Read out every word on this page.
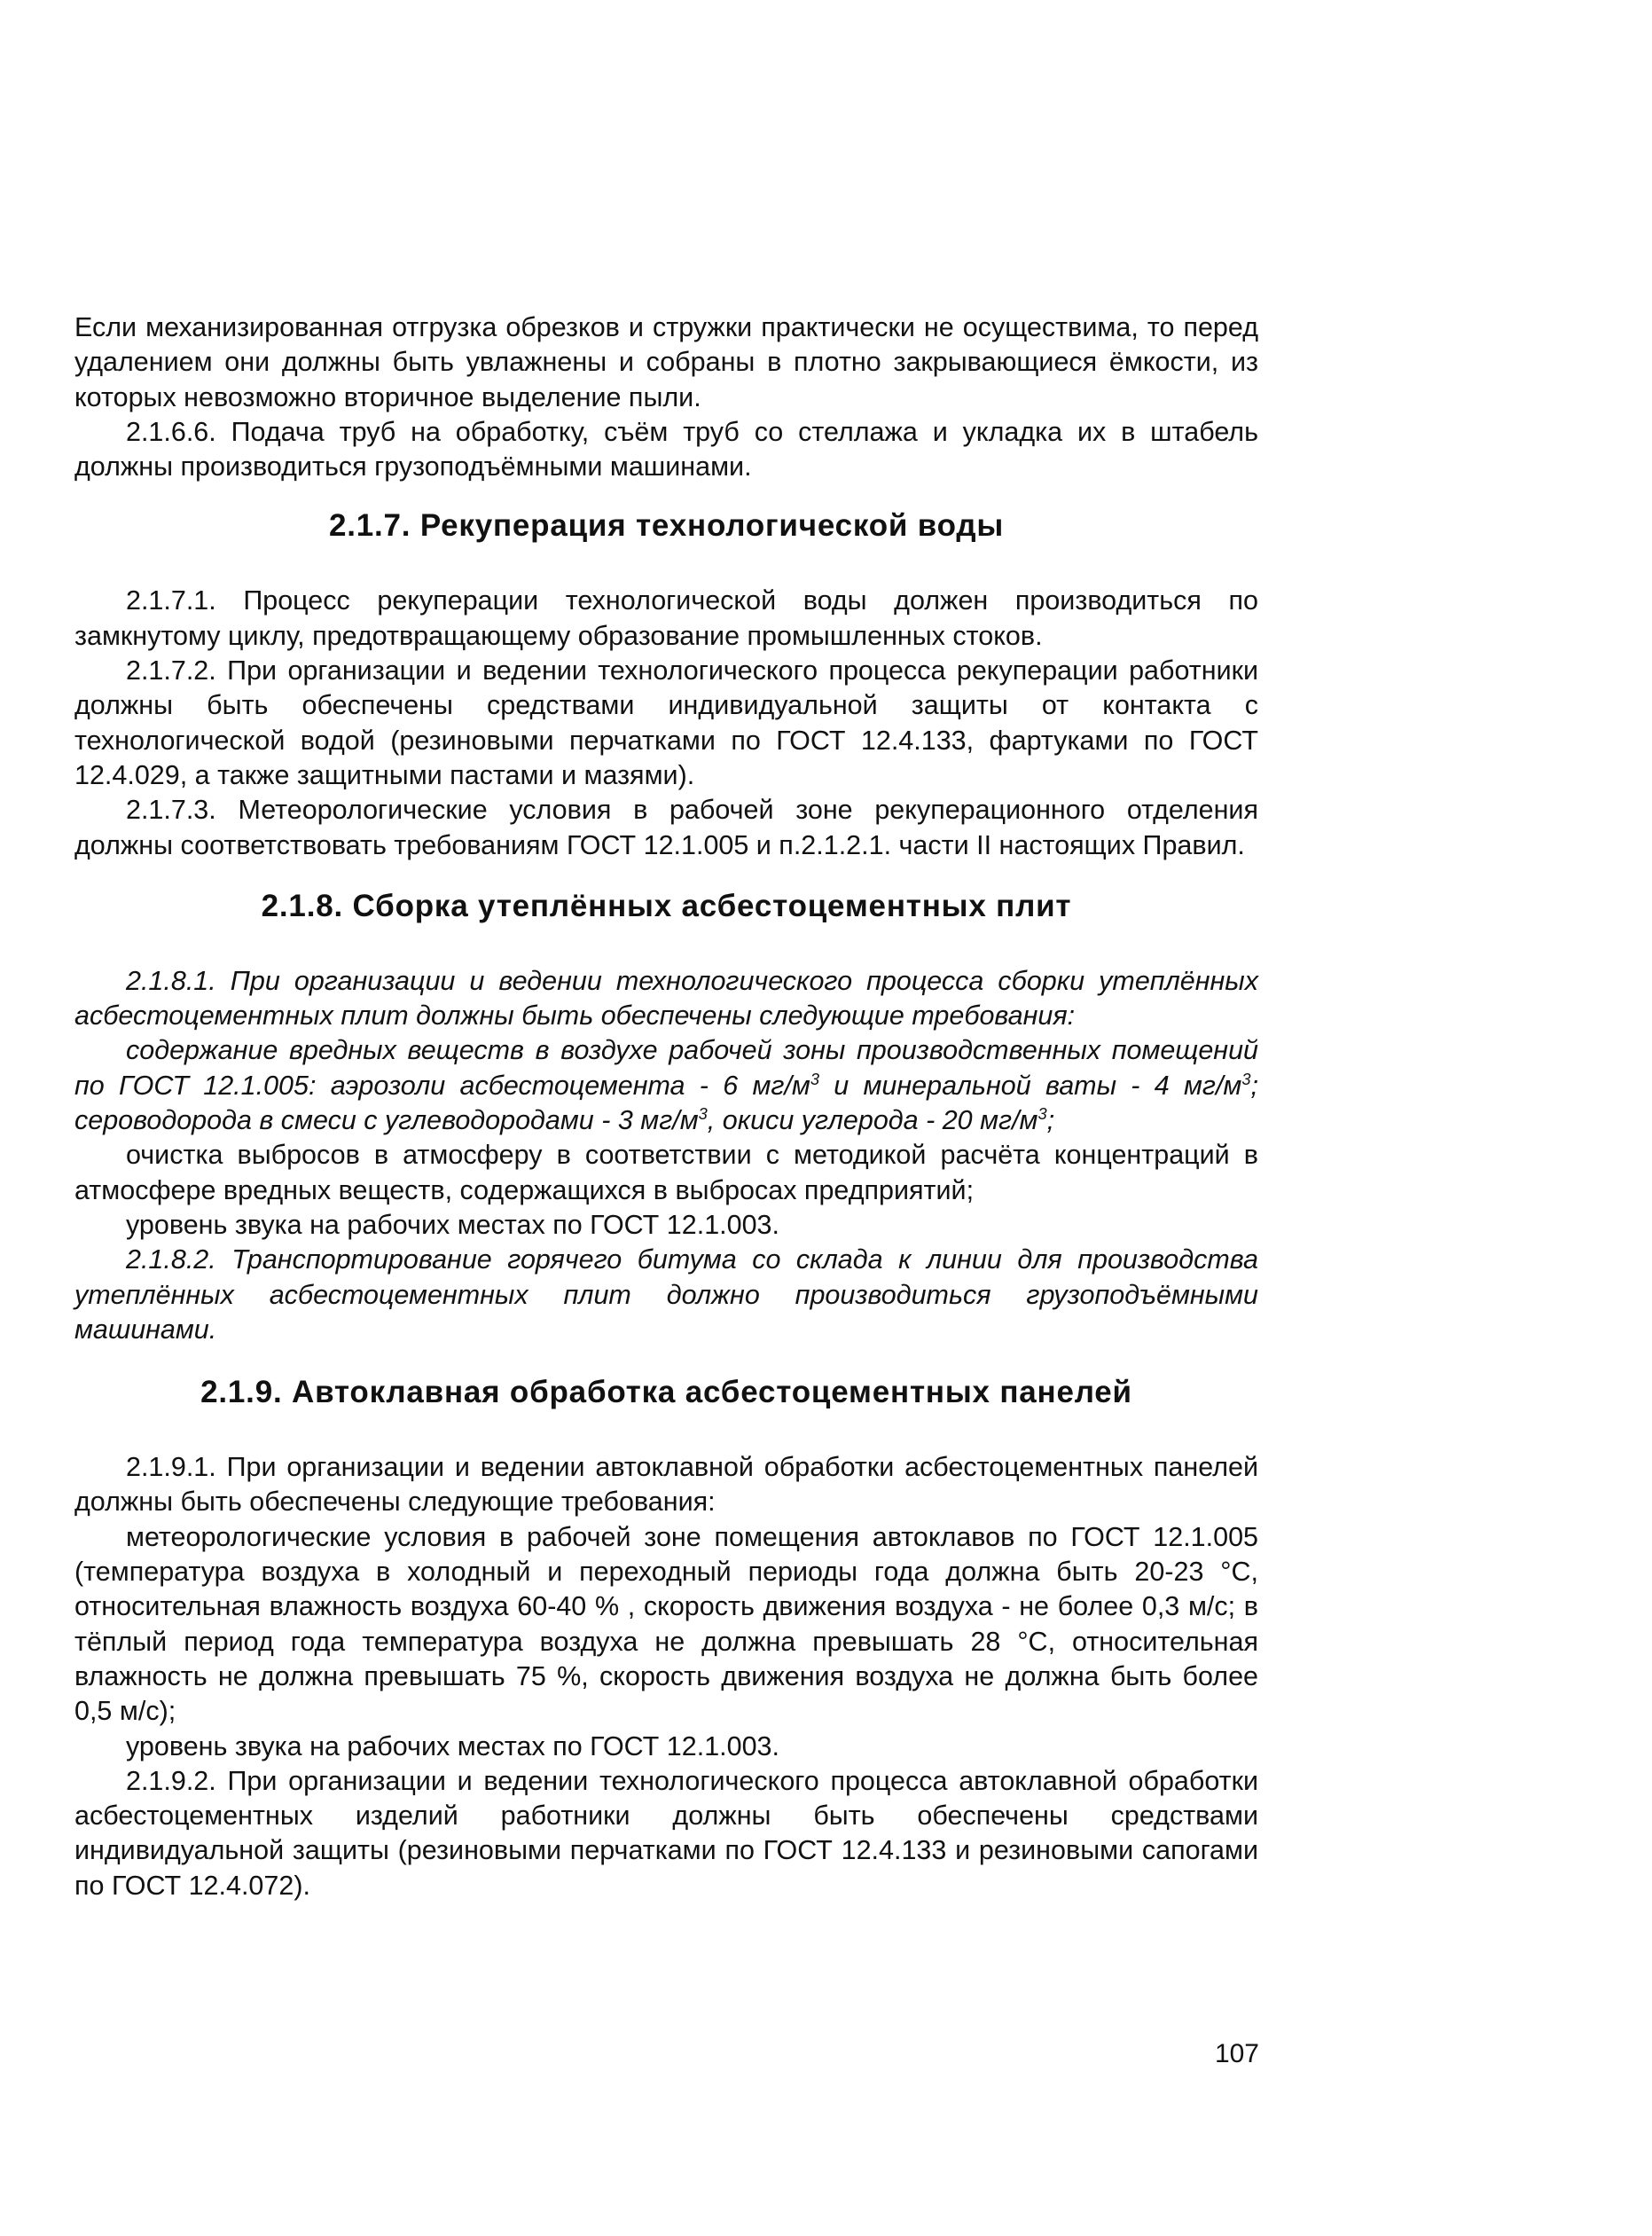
Если механизированная отгрузка обрезков и стружки практически не осуществима, то перед удалением они должны быть увлажнены и собраны в плотно закрывающиеся ёмкости, из которых невозможно вторичное выделение пыли.

2.1.6.6. Подача труб на обработку, съём труб со стеллажа и укладка их в штабель должны производиться грузоподъёмными машинами.

2.1.7. Рекуперация технологической воды

2.1.7.1. Процесс рекуперации технологической воды должен производиться по замкнутому циклу, предотвращающему образование промышленных стоков.

2.1.7.2. При организации и ведении технологического процесса рекуперации работники должны быть обеспечены средствами индивидуальной защиты от контакта с технологической водой (резиновыми перчатками по ГОСТ 12.4.133, фартуками по ГОСТ 12.4.029, а также защитными пастами и мазями).

2.1.7.3. Метеорологические условия в рабочей зоне рекуперационного отделения должны соответствовать требованиям ГОСТ 12.1.005 и п.2.1.2.1. части II настоящих Правил.

2.1.8. Сборка утеплённых асбестоцементных плит

2.1.8.1. При организации и ведении технологического процесса сборки утеплённых асбестоцементных плит должны быть обеспечены следующие требования:

содержание вредных веществ в воздухе рабочей зоны производственных помещений по ГОСТ 12.1.005: аэрозоли асбестоцемента - 6 $мг/м^3$ и минеральной ваты - 4 $мг/м^3$; сероводорода в смеси с углеводородами - 3 $мг/м^3$, окиси углерода - 20 $мг/м^3$;

очистка выбросов в атмосферу в соответствии с методикой расчёта концентраций в атмосфере вредных веществ, содержащихся в выбросах предприятий;

уровень звука на рабочих местах по ГОСТ 12.1.003.

2.1.8.2. Транспортирование горячего битума со склада к линии для производства утеплённых асбестоцементных плит должно производиться грузоподъёмными машинами.

2.1.9. Автоклавная обработка асбестоцементных панелей

2.1.9.1. При организации и ведении автоклавной обработки асбестоцементных панелей должны быть обеспечены следующие требования:

метеорологические условия в рабочей зоне помещения автоклавов по ГОСТ 12.1.005 (температура воздуха в холодный и переходный периоды года должна быть 20-23 °С, относительная влажность воздуха 60-40 % , скорость движения воздуха - не более 0,3 м/с; в тёплый период года температура воздуха не должна превышать 28 °С, относительная влажность не должна превышать 75 %, скорость движения воздуха не должна быть более 0,5 м/с);

уровень звука на рабочих местах по ГОСТ 12.1.003.

2.1.9.2. При организации и ведении технологического процесса автоклавной обработки асбестоцементных изделий работники должны быть обеспечены средствами индивидуальной защиты (резиновыми перчатками по ГОСТ 12.4.133 и резиновыми сапогами по ГОСТ 12.4.072).

107
